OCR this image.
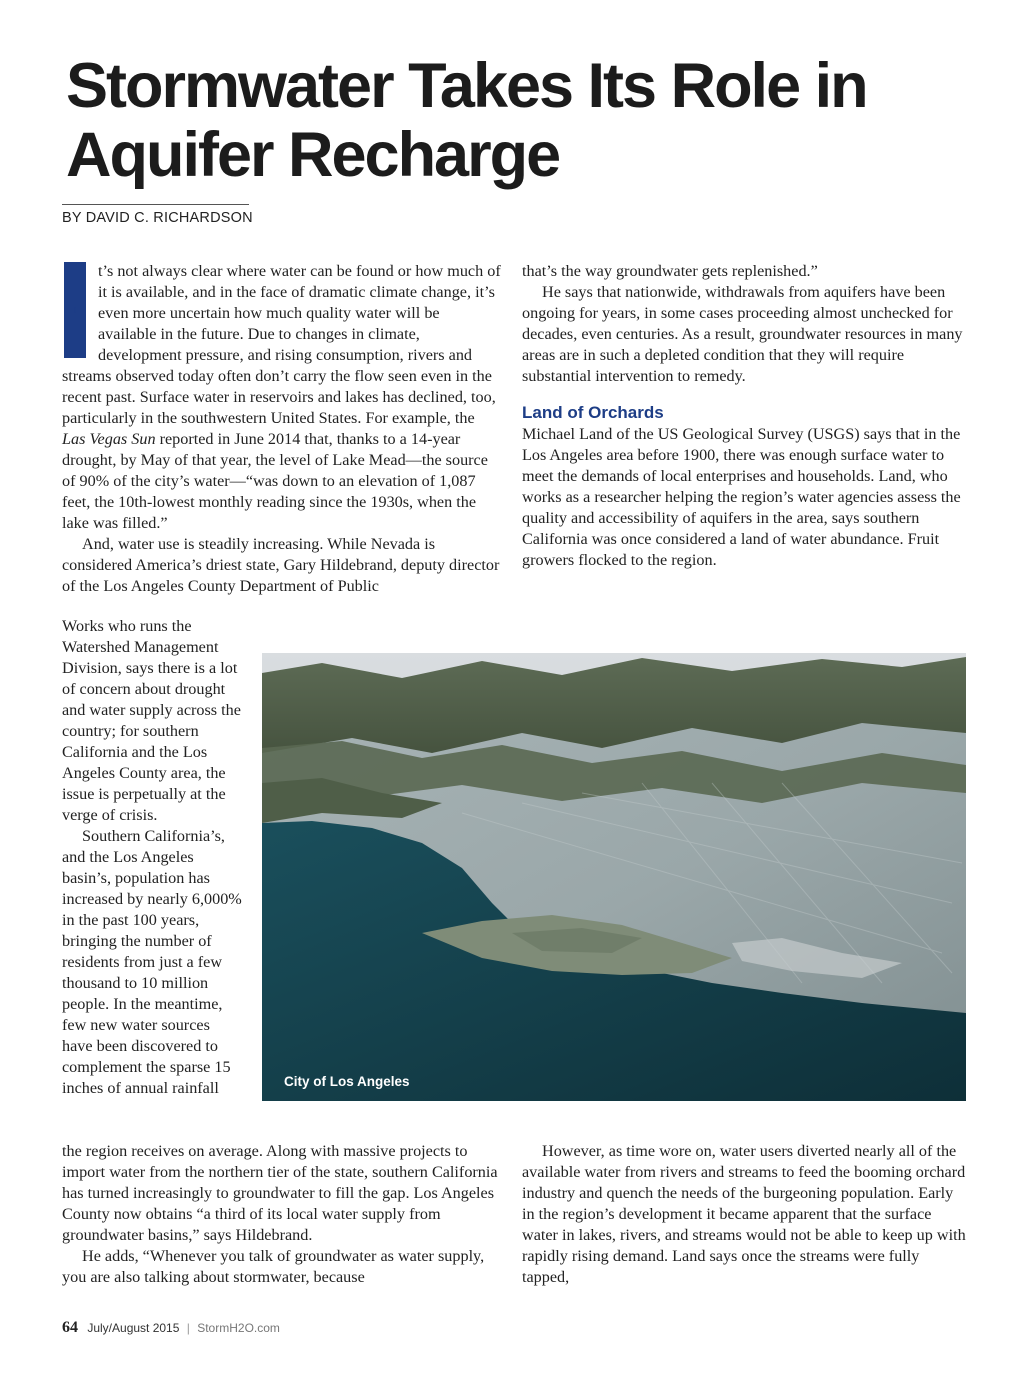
Stormwater Takes Its Role in Aquifer Recharge
BY DAVID C. RICHARDSON

I
t’s not always clear where water can be found or how much of it is available, and in the face of dramatic climate change, it’s even more uncertain how much quality water will be available in the future. Due to changes in climate, development pressure, and rising consumption, rivers and streams observed today often don’t carry the flow seen even in the recent past. Surface water in reservoirs and lakes has declined, too, particularly in the southwestern United States. For example, the Las Vegas Sun reported in June 2014 that, thanks to a 14-year drought, by May of that year, the level of Lake Mead—the source of 90% of the city’s water—“was down to an elevation of 1,087 feet, the 10th-lowest monthly reading since the 1930s, when the lake was filled.”

And, water use is steadily increasing. While Nevada is considered America’s driest state, Gary Hildebrand, deputy director of the Los Angeles County Department of Public

Works who runs the Watershed Management Division, says there is a lot of concern about drought and water supply across the country; for southern California and the Los Angeles County area, the issue is perpetually at the verge of crisis.

Southern California’s, and the Los Angeles basin’s, population has increased by nearly 6,000% in the past 100 years, bringing the number of residents from just a few thousand to 10 million people. In the meantime, few new water sources have been discovered to complement the sparse 15 inches of annual rainfall

the region receives on average. Along with massive projects to import water from the northern tier of the state, southern California has turned increasingly to groundwater to fill the gap. Los Angeles County now obtains “a third of its local water supply from groundwater basins,” says Hildebrand.

He adds, “Whenever you talk of groundwater as water supply, you are also talking about stormwater, because

that’s the way groundwater gets replenished.”

He says that nationwide, withdrawals from aquifers have been ongoing for years, in some cases proceeding almost unchecked for decades, even centuries. As a result, groundwater resources in many areas are in such a depleted condition that they will require substantial intervention to remedy.

Land of Orchards

Michael Land of the US Geological Survey (USGS) says that in the Los Angeles area before 1900, there was enough surface water to meet the demands of local enterprises and households. Land, who works as a researcher helping the region’s water agencies assess the quality and accessibility of aquifers in the area, says southern California was once considered a land of water abundance. Fruit growers flocked to the region.

However, as time wore on, water users diverted nearly all of the available water from rivers and streams to feed the booming orchard industry and quench the needs of the burgeoning population. Early in the region’s development it became apparent that the surface water in lakes, rivers, and streams would not be able to keep up with rapidly rising demand. Land says once the streams were fully tapped,

City of Los Angeles
64 July/August 2015 | StormH2O.com
